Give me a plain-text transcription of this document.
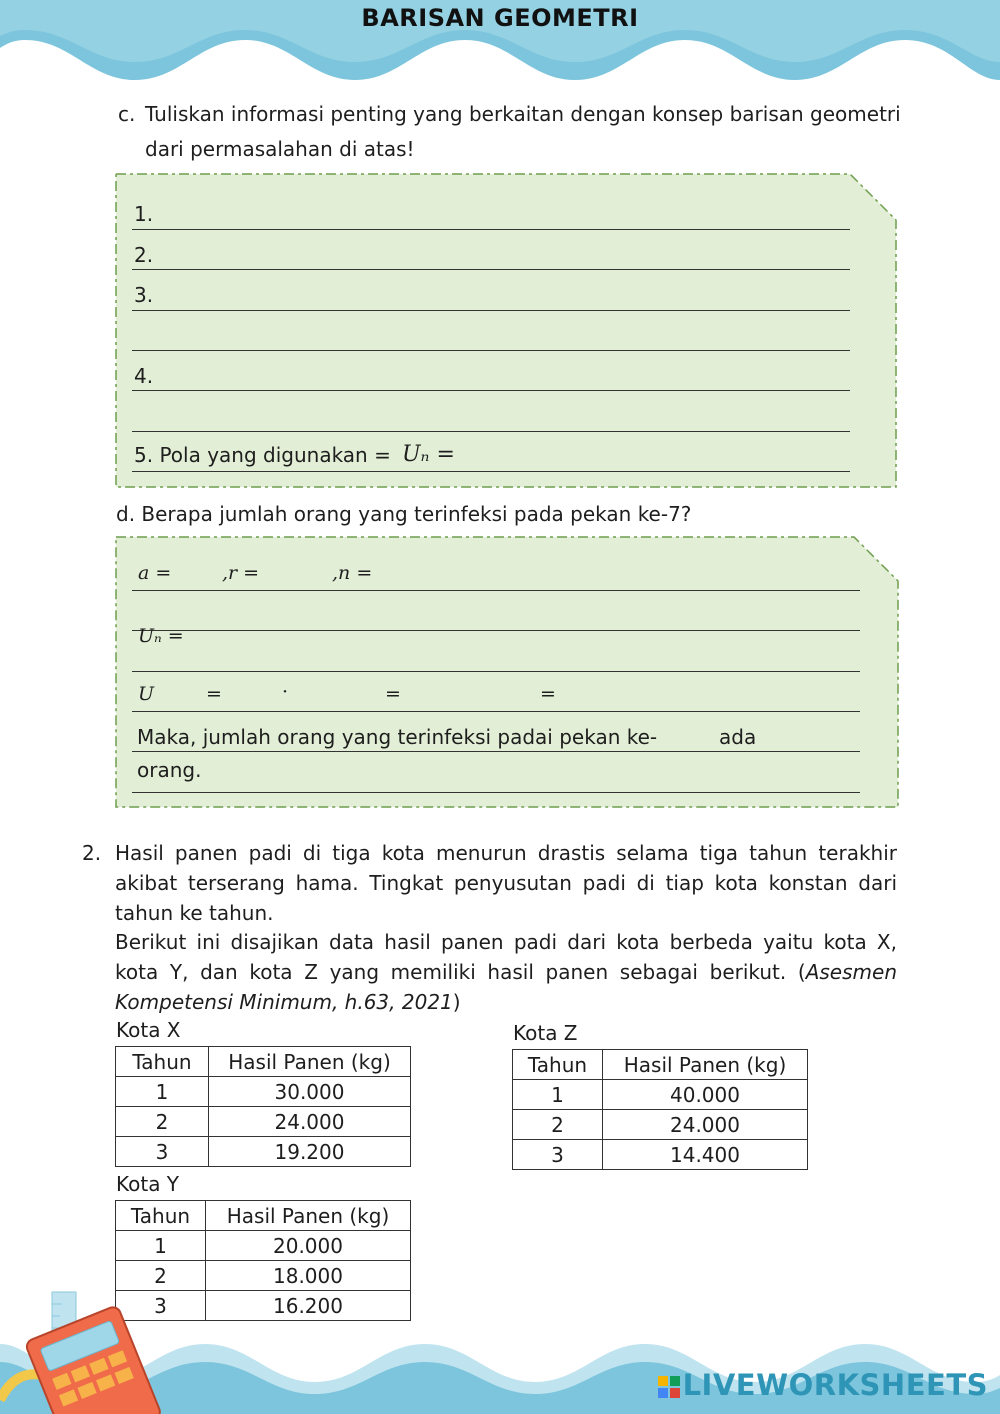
BARISAN GEOMETRI
c. Tuliskan informasi penting yang berkaitan dengan konsep barisan geometri
dari permasalahan di atas!
1.
2.
3.
4.
5. Pola yang digunakan = Uₙ =
d. Berapa jumlah orang yang terinfeksi pada pekan ke-7?
a =	,r =	,n =
Uₙ =
U	=	·	=	=
Maka, jumlah orang yang terinfeksi padai pekan ke-	ada
orang.
2. Hasil panen padi di tiga kota menurun drastis selama tiga tahun terakhir akibat terserang hama. Tingkat penyusutan padi di tiap kota konstan dari tahun ke tahun.
Berikut ini disajikan data hasil panen padi dari kota berbeda yaitu kota X, kota Y, dan kota Z yang memiliki hasil panen sebagai berikut. (Asesmen Kompetensi Minimum, h.63, 2021)
Kota X
Tahun	Hasil Panen (kg)
1	30.000
2	24.000
3	19.200
Kota Z
Tahun	Hasil Panen (kg)
1	40.000
2	24.000
3	14.400
Kota Y
Tahun	Hasil Panen (kg)
1	20.000
2	18.000
3	16.200
LIVEWORKSHEETS
